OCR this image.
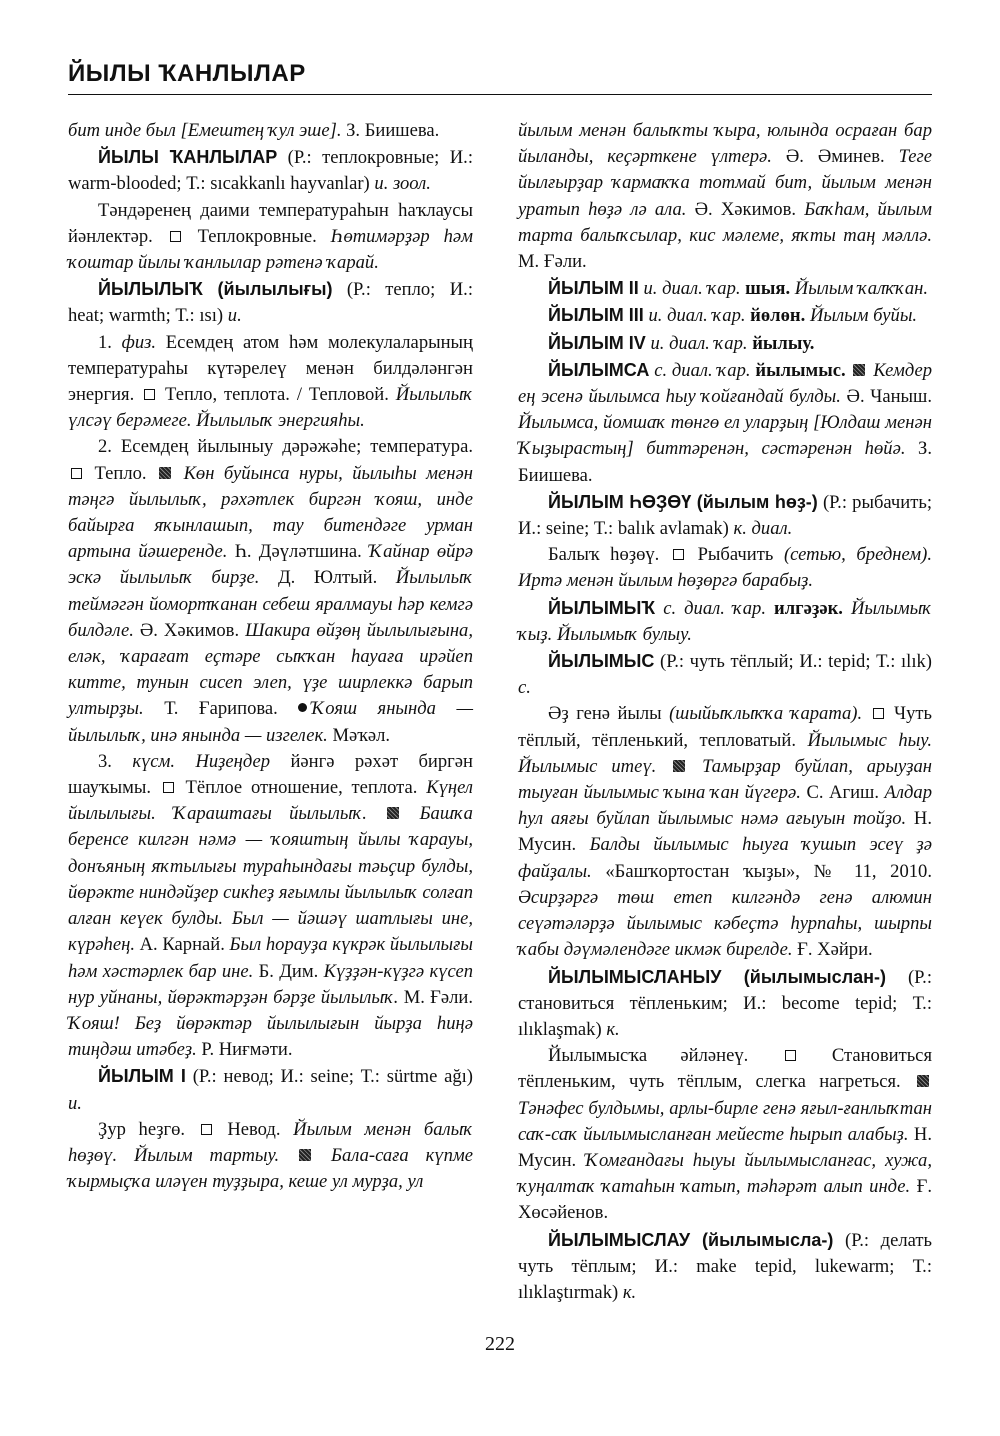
ЙЫЛЫ ҠАНЛЫЛАР

бит инде был [Емештең ҡул эше]. З. Биишева.

ЙЫЛЫ ҠАНЛЫЛАР (Р.: теплокровные; И.: warm-blooded; Т.: sıcakkanlı hayvanlar) и. зоол.

Тәндәренең даими температураһын һаҡлаусы йәнлектәр.  Теплокровные. Һөтимәрҙәр һәм ҡоштар йылы ҡанлылар рәтенә ҡарай.

ЙЫЛЫЛЫҠ (йылылығы) (Р.: тепло; И.: heat; warmth; Т.: ısı) и.

1. физ. Есемдең атом һәм молекулаларының температураһы күтәрелеү менән билдәләнгән энергия.  Тепло, теплота. / Тепловой. Йылылыҡ үлсәү берәмеге. Йылылыҡ энергияһы.

2. Есемдең йылыныу дәрәжәһе; температура.  Тепло.  Көн буйынса нуры, йылыһы менән тәңгә йылылыҡ, рәхәтлек биргән ҡояш, инде байырға яҡынлашып, тау битендәге урман артына йәшеренде. Һ. Дәүләтшина. Ҡайнар өйрә эскә йылылыҡ бирҙе. Д. Юлтый. Йылылыҡ теймәгән йомортҡанан себеш яралмауы һәр кемгә билдәле. Ә. Хәкимов. Шакира өйҙөң йылылығына, еләк, ҡарағат еҫтәре сыҡҡан һауаға ирәйеп китте, тунын сисеп элеп, үҙе ширлеккә барып ултырҙы. Т. Ғарипова. Ҡояш янында — йылылыҡ, инә янында — изгелек. Мәҡәл.

3. күсм. Ниҙеңдер йәнгә рәхәт биргән шауҡымы.  Тёплое отношение, теплота. Күңел йылылығы. Ҡараштағы йылылыҡ.	Башҡа беренсе килгән нәмә — ҡояштың йылы ҡарауы, донъяның яҡтылығы тураһындағы тәьҫир булды, йөрәкте ниндәйҙер сикһеҙ яғымлы йылылыҡ солғап алған кеүек булды. Был — йәшәү шатлығы ине, күрәһең. А. Карнай. Был һорауҙа күкрәк йылылығы һәм хәстәрлек бар ине. Б. Дим. Күҙҙән-күҙгә күсеп нур уйнаны, йөрәктәрҙән бәрҙе йылылыҡ. М. Ғәли. Ҡояш! Беҙ йөрәктәр йылылығын йырҙа һиңә тиңдәш итәбеҙ. Р. Ниғмәти.

ЙЫЛЫМ I (Р.: невод; И.: seine; Т.: sürtme ağı) и.

Ҙур һеҙгө.  Невод. Йылым менән балыҡ һөҙөү. Йылым тартыу.	Бала-саға күпме ҡырмыҫҡа иләүен туҙҙыра, кеше ул мурҙа, ул

йылым менән балыҡты ҡыра, юлында осраған бар йыланды, кеҫәрткене үлтерә. Ә. Әминев. Теге йылғырҙар ҡармаҡҡа тотмай бит, йылым менән уратып һөҙә лә ала. Ә. Хәкимов. Баҡһам, йылым тарта балыҡсылар, кис мәлеме, яҡты таң мәллә. М. Ғәли.

ЙЫЛЫМ II и. диал. ҡар. шыя. Йылым ҡалҡҡан.

ЙЫЛЫМ III и. диал. ҡар. йөлөн. Йылым буйы.

ЙЫЛЫМ IV и. диал. ҡар. йылыу.

ЙЫЛЫМСА с. диал. ҡар. йылымыс. Кемдер ең эсенә йылымса һыу ҡойғандай булды. Ә. Чаныш. Йылымса, йомшаҡ төнгө ел уларҙың [Юлдаш менән Ҡыҙырастың] биттәренән, сәстәренән һөйә. З. Биишева.

ЙЫЛЫМ ҺӨҘӨҮ (йылым һөҙ-) (Р.: рыбачить; И.: seine; Т.: balık avlamak) к. диал.

Балыҡ һөҙөү.  Рыбачить (сетью, бреднем). Иртә менән йылым һөҙөргә барабыҙ.

ЙЫЛЫМЫҠ с. диал. ҡар. илгәҙәк. Йылымыҡ ҡыҙ. Йылымыҡ булыу.

ЙЫЛЫМЫС (Р.: чуть тёплый; И.: tepid; Т.: ılık) с.

Әҙ генә йылы (шыйыҡлыҡҡа ҡарата).  Чуть тёплый, тёпленький, тепловатый. Йылымыс һыу. Йылымыс итеү. Тамырҙар буйлап, арыуҙан тыуған йылымыс ҡына ҡан йүгерә. С. Агиш. Алдар һул аяғы буйлап йылымыс нәмә ағыуын тойҙо. Н. Мусин. Балды йылымыс һыуға ҡушып эсеү ҙә файҙалы. «Башҡортостан ҡыҙы», № 11, 2010. Әсирҙәргә төш етеп килгәндә генә алюмин сеүәтәләрҙә йылымыс кәбеҫтә һурпаһы, шырпы ҡабы дәүмәлендәге икмәк бирелде. Ғ. Хәйри.

ЙЫЛЫМЫСЛАНЫУ (йылымыслан-) (Р.: становиться тёпленьким; И.: become tepid; Т.: ılıklaşmak) к.

Йылымысҡа әйләнеү.  Становиться тёпленьким, чуть тёплым, слегка нагреться.  Тәнәфес булдымы, арлы-бирле генә яғыл-ғанлыҡтан саҡ-саҡ йылымысланған мейесте һырып алабыҙ. Н. Мусин. Ҡомғандағы һыуы йылымысланғас, хужа, ҡуңалтаҡ ҡатаһын ҡатып, тәһәрәт алып инде. Ғ. Хөсәйенов.

ЙЫЛЫМЫСЛАУ (йылымысла-) (Р.: делать чуть тёплым; И.: make tepid, lukewarm; Т.: ılıklaştırmak) к.

222
